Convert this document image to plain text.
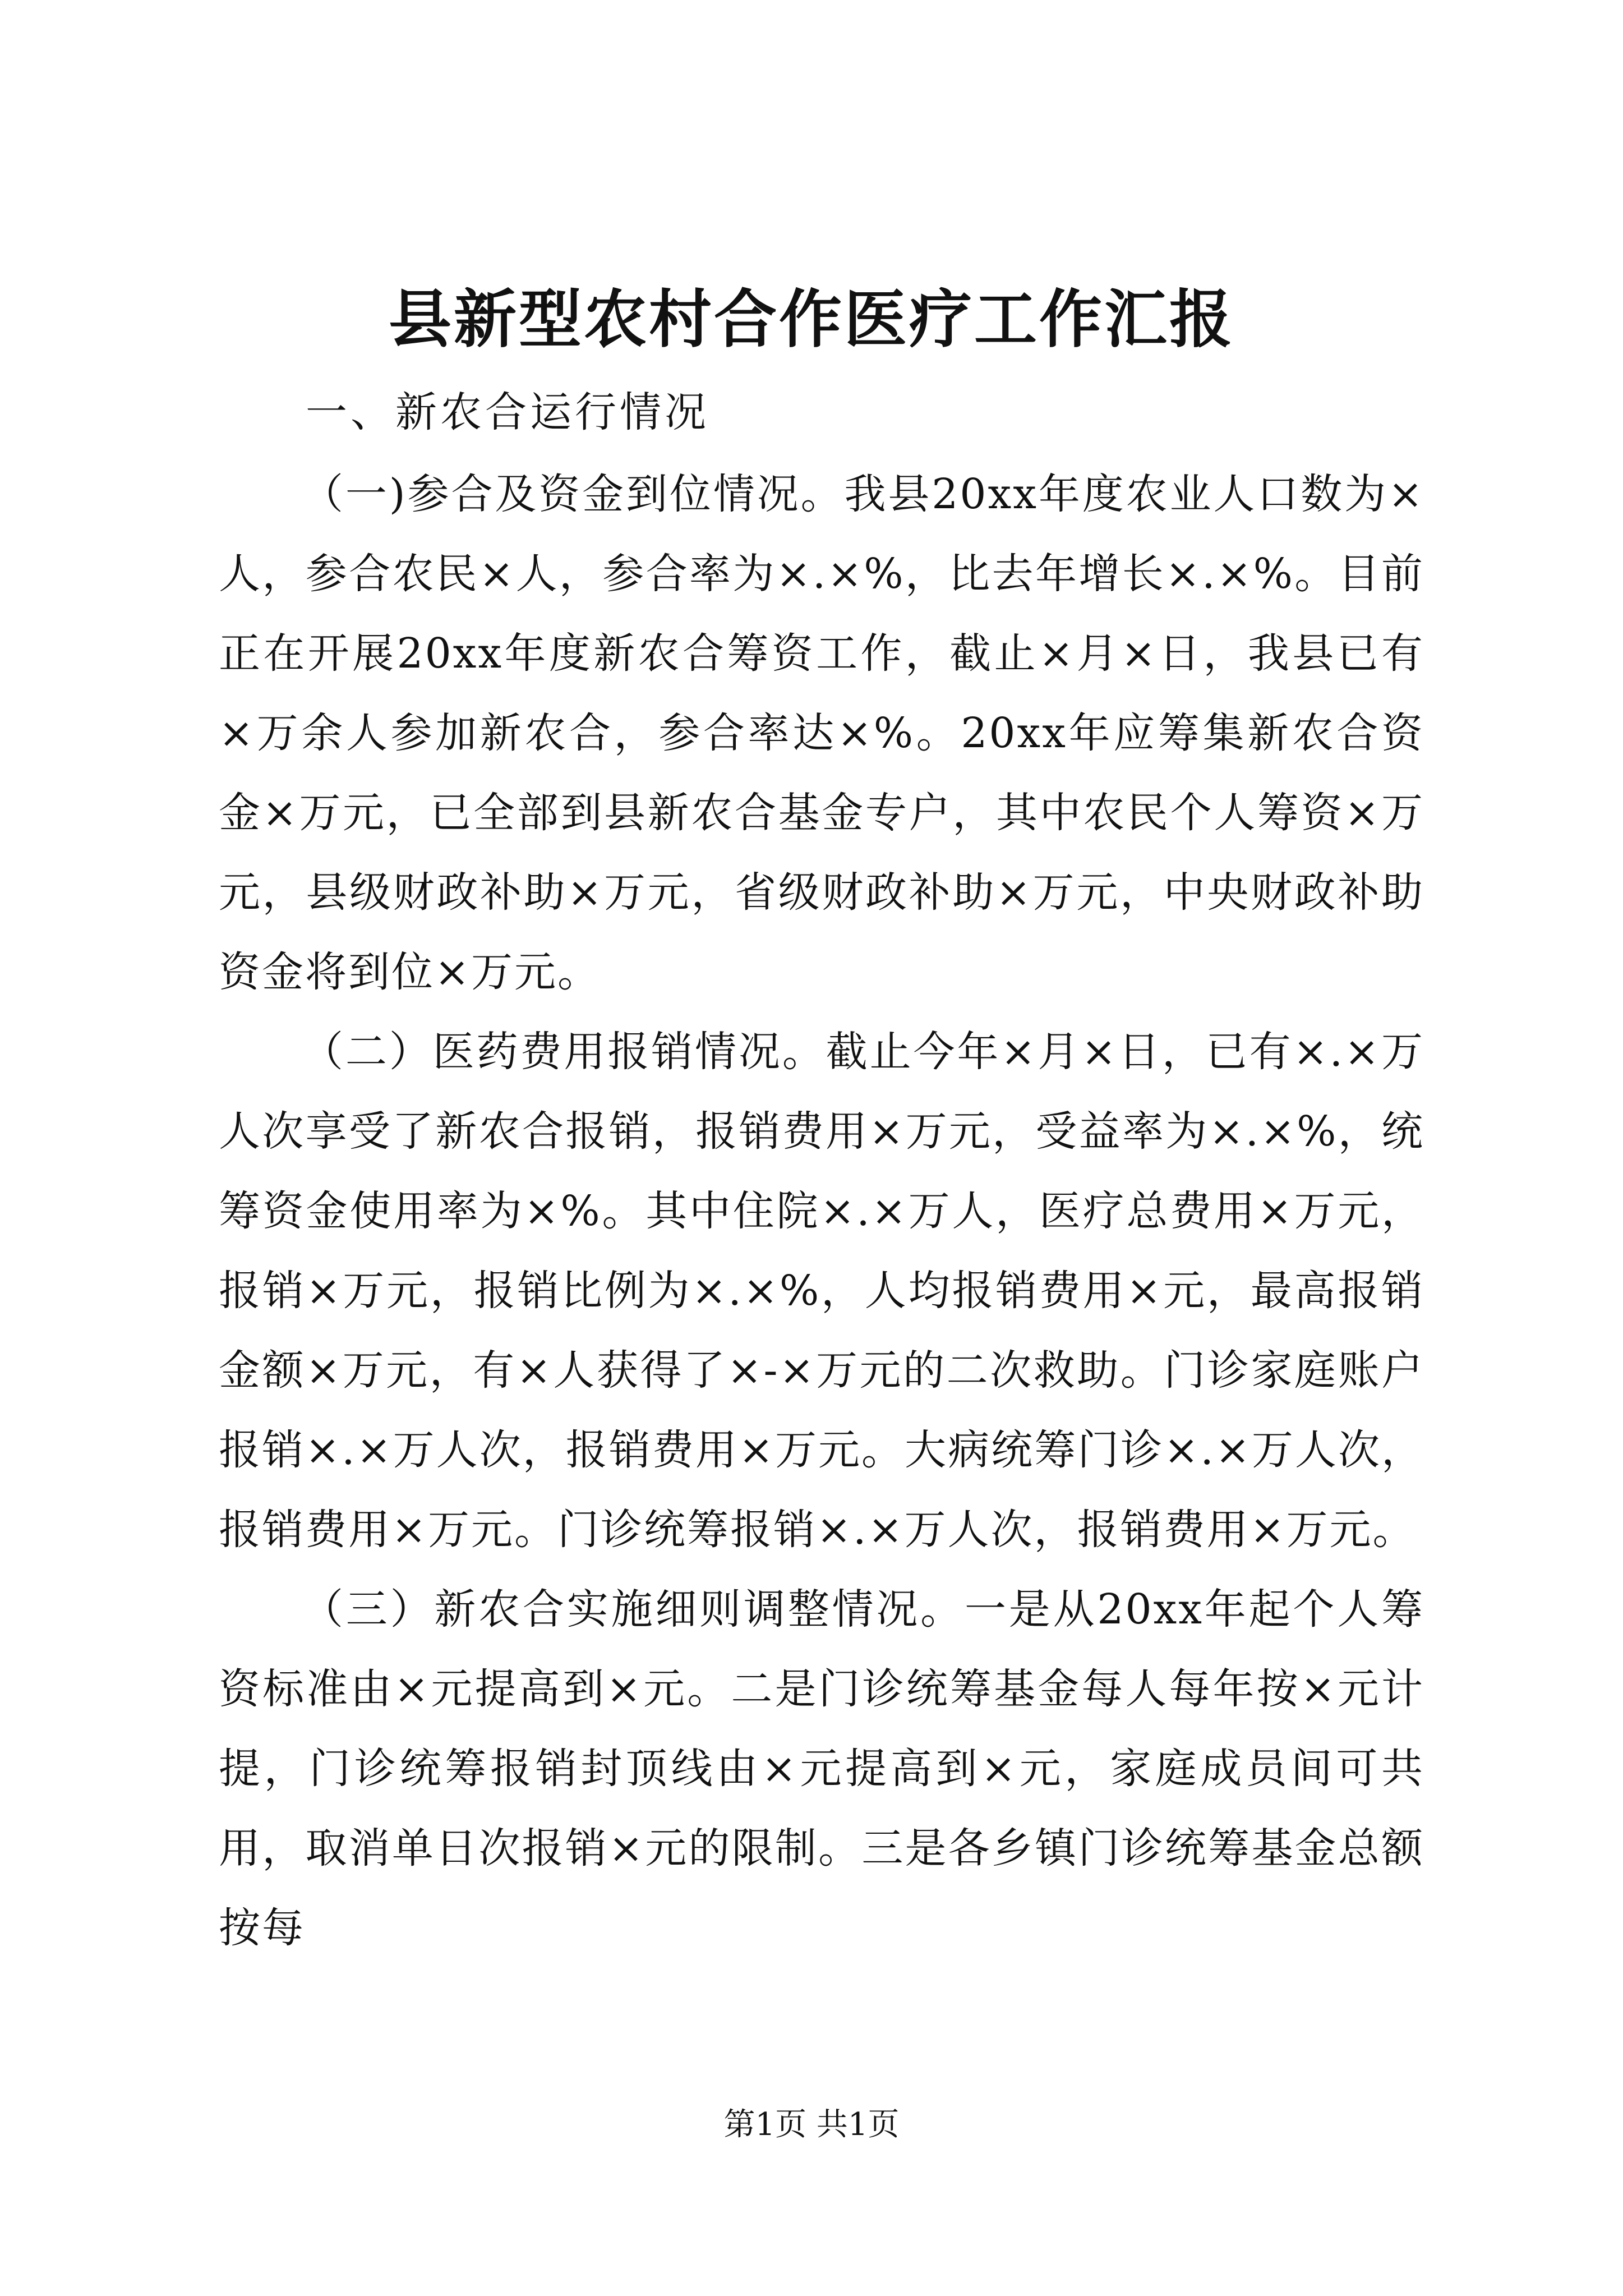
县新型农村合作医疗工作汇报

一、新农合运行情况

（一)参合及资金到位情况。我县20xx年度农业人口数为×人，参合农民×人，参合率为×.×%，比去年增长×.×%。目前正在开展20xx年度新农合筹资工作，截止×月×日，我县已有×万余人参加新农合，参合率达×%。20xx年应筹集新农合资金×万元，已全部到县新农合基金专户，其中农民个人筹资×万元，县级财政补助×万元，省级财政补助×万元，中央财政补助资金将到位×万元。

（二）医药费用报销情况。截止今年×月×日，已有×.×万人次享受了新农合报销，报销费用×万元，受益率为×.×%，统筹资金使用率为×%。其中住院×.×万人，医疗总费用×万元，报销×万元，报销比例为×.×%，人均报销费用×元，最高报销金额×万元，有×人获得了×-×万元的二次救助。门诊家庭账户报销×.×万人次，报销费用×万元。大病统筹门诊×.×万人次，报销费用×万元。门诊统筹报销×.×万人次，报销费用×万元。

（三）新农合实施细则调整情况。一是从20xx年起个人筹资标准由×元提高到×元。二是门诊统筹基金每人每年按×元计提，门诊统筹报销封顶线由×元提高到×元，家庭成员间可共用，取消单日次报销×元的限制。三是各乡镇门诊统筹基金总额按每

第1页 共1页
